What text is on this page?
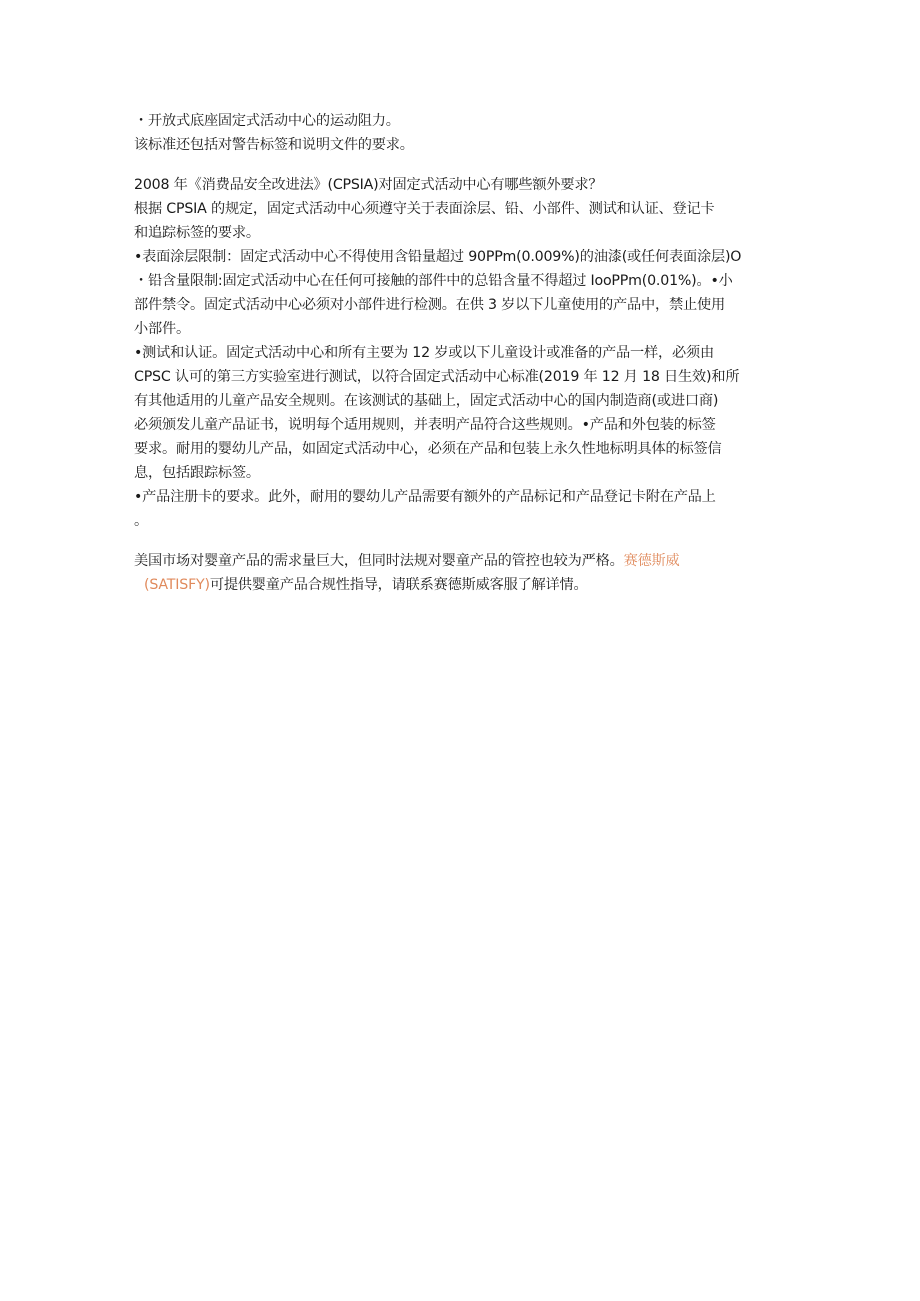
・开放式底座固定式活动中心的运动阻力。
该标准还包括对警告标签和说明文件的要求。
2008 年《消费品安全改进法》(CPSIA)对固定式活动中心有哪些额外要求？
根据 CPSIA 的规定，固定式活动中心须遵守关于表面涂层、铅、小部件、测试和认证、登记卡
和追踪标签的要求。
•表面涂层限制：固定式活动中心不得使用含铅量超过 90PPm(0.009%)的油漆(或任何表面涂层)O
・铅含量限制:固定式活动中心在任何可接触的部件中的总铅含量不得超过 IooPPm(0.01%)。•小
部件禁令。固定式活动中心必须对小部件进行检测。在供 3 岁以下儿童使用的产品中，禁止使用
小部件。
•测试和认证。固定式活动中心和所有主要为 12 岁或以下儿童设计或准备的产品一样，必须由
CPSC 认可的第三方实验室进行测试，以符合固定式活动中心标准(2019 年 12 月 18 日生效)和所
有其他适用的儿童产品安全规则。在该测试的基础上，固定式活动中心的国内制造商(或进口商)
必须颁发儿童产品证书，说明每个适用规则，并表明产品符合这些规则。•产品和外包装的标签
要求。耐用的婴幼儿产品，如固定式活动中心，必须在产品和包装上永久性地标明具体的标签信
息，包括跟踪标签。
•产品注册卡的要求。此外，耐用的婴幼儿产品需要有额外的产品标记和产品登记卡附在产品上
。
美国市场对婴童产品的需求量巨大，但同时法规对婴童产品的管控也较为严格。赛德斯威
(SATISFY)可提供婴童产品合规性指导，请联系赛德斯威客服了解详情。
